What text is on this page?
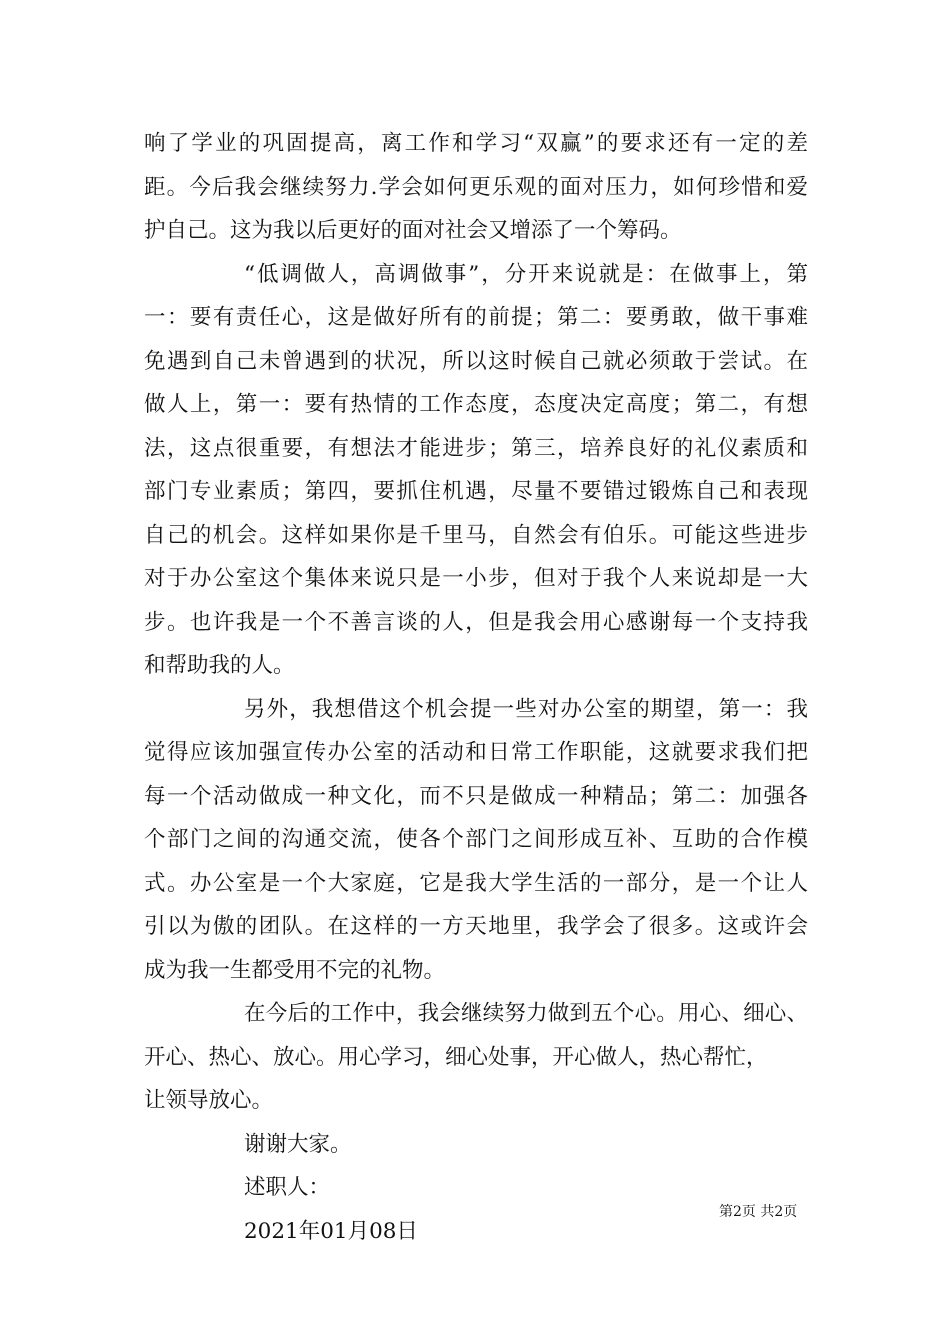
响了学业的巩固提高，离工作和学习“双赢”的要求还有一定的差
距。今后我会继续努力.学会如何更乐观的面对压力，如何珍惜和爱
护自己。这为我以后更好的面对社会又增添了一个筹码。
“低调做人，高调做事”，分开来说就是：在做事上，第
一：要有责任心，这是做好所有的前提；第二：要勇敢，做干事难
免遇到自己未曾遇到的状况，所以这时候自己就必须敢于尝试。在
做人上，第一：要有热情的工作态度，态度决定高度；第二，有想
法，这点很重要，有想法才能进步；第三，培养良好的礼仪素质和
部门专业素质；第四，要抓住机遇，尽量不要错过锻炼自己和表现
自己的机会。这样如果你是千里马，自然会有伯乐。可能这些进步
对于办公室这个集体来说只是一小步，但对于我个人来说却是一大
步。也许我是一个不善言谈的人，但是我会用心感谢每一个支持我
和帮助我的人。
另外，我想借这个机会提一些对办公室的期望，第一：我
觉得应该加强宣传办公室的活动和日常工作职能，这就要求我们把
每一个活动做成一种文化，而不只是做成一种精品；第二：加强各
个部门之间的沟通交流，使各个部门之间形成互补、互助的合作模
式。办公室是一个大家庭，它是我大学生活的一部分，是一个让人
引以为傲的团队。在这样的一方天地里，我学会了很多。这或许会
成为我一生都受用不完的礼物。
在今后的工作中，我会继续努力做到五个心。用心、细心、
开心、热心、放心。用心学习，细心处事，开心做人，热心帮忙，
让领导放心。
谢谢大家。
述职人：
2021年01月08日
第2页 共2页
